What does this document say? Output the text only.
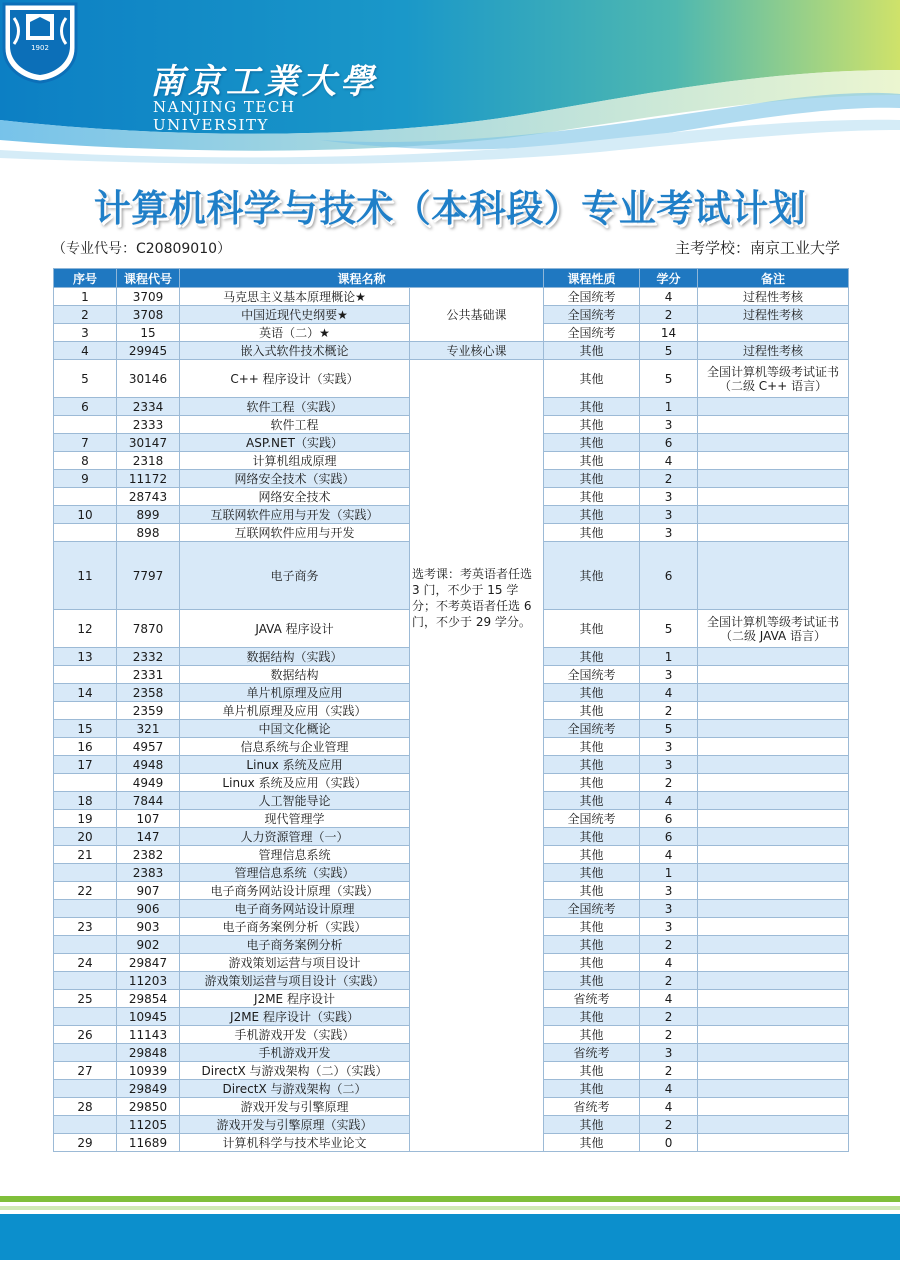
1902
南京工業大學
NANJING TECH
UNIVERSITY
计算机科学与技术（本科段）专业考试计划
（专业代号：C20809010）	主考学校：南京工业大学
序号	课程代号	课程名称		课程性质	学分	备注
1	3709	马克思主义基本原理概论★	公共基础课	全国统考	4	过程性考核
2	3708	中国近现代史纲要★		全国统考	2	过程性考核
3	15	英语（二）★		全国统考	14	
4	29945	嵌入式软件技术概论	专业核心课	其他	5	过程性考核
5	30146	C++ 程序设计（实践）	选考课：考英语者任选 3 门，不少于 15 学分；不考英语者任选 6 门，不少于 29 学分。	其他	5	全国计算机等级考试证书（二级 C++ 语言）
6	2334	软件工程（实践）		其他	1	
	2333	软件工程		其他	3	
7	30147	ASP.NET（实践）		其他	6	
8	2318	计算机组成原理		其他	4	
9	11172	网络安全技术（实践）		其他	2	
	28743	网络安全技术		其他	3	
10	899	互联网软件应用与开发（实践）		其他	3	
	898	互联网软件应用与开发		其他	3	
11	7797	电子商务		其他	6	
12	7870	JAVA 程序设计		其他	5	全国计算机等级考试证书（二级 JAVA 语言）
13	2332	数据结构（实践）		其他	1	
	2331	数据结构		全国统考	3	
14	2358	单片机原理及应用		其他	4	
	2359	单片机原理及应用（实践）		其他	2	
15	321	中国文化概论		全国统考	5	
16	4957	信息系统与企业管理		其他	3	
17	4948	Linux 系统及应用		其他	3	
	4949	Linux 系统及应用（实践）		其他	2	
18	7844	人工智能导论		其他	4	
19	107	现代管理学		全国统考	6	
20	147	人力资源管理（一）		其他	6	
21	2382	管理信息系统		其他	4	
	2383	管理信息系统（实践）		其他	1	
22	907	电子商务网站设计原理（实践）		其他	3	
	906	电子商务网站设计原理		全国统考	3	
23	903	电子商务案例分析（实践）		其他	3	
	902	电子商务案例分析		其他	2	
24	29847	游戏策划运营与项目设计		其他	4	
	11203	游戏策划运营与项目设计（实践）		其他	2	
25	29854	J2ME 程序设计		省统考	4	
	10945	J2ME 程序设计（实践）		其他	2	
26	11143	手机游戏开发（实践）		其他	2	
	29848	手机游戏开发		省统考	3	
27	10939	DirectX 与游戏架构（二）（实践）		其他	2	
	29849	DirectX 与游戏架构（二）		其他	4	
28	29850	游戏开发与引擎原理		省统考	4	
	11205	游戏开发与引擎原理（实践）		其他	2	
29	11689	计算机科学与技术毕业论文		其他	0	
